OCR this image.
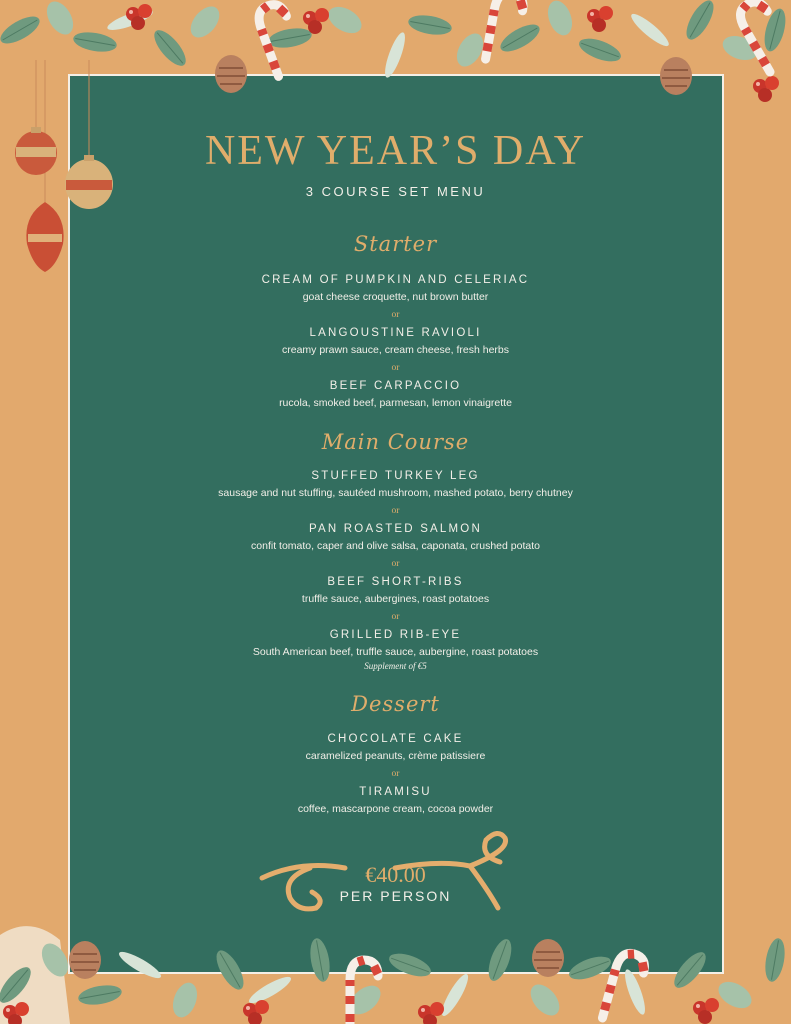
NEW YEAR’S DAY
3 COURSE SET MENU
Starter
CREAM OF PUMPKIN AND CELERIAC
goat cheese croquette, nut brown butter
or
LANGOUSTINE RAVIOLI
creamy prawn sauce, cream cheese, fresh herbs
or
BEEF CARPACCIO
rucola, smoked beef, parmesan, lemon vinaigrette
Main Course
STUFFED TURKEY LEG
sausage and nut stuffing, sautéed mushroom, mashed potato, berry chutney
or
PAN ROASTED SALMON
confit tomato, caper and olive salsa, caponata, crushed potato
or
BEEF SHORT-RIBS
truffle sauce, aubergines, roast potatoes
or
GRILLED RIB-EYE
South American beef, truffle sauce, aubergine, roast potatoes
Supplement of €5
Dessert
CHOCOLATE CAKE
caramelized peanuts, crème patissiere
or
TIRAMISU
coffee, mascarpone cream, cocoa powder
€40.00
PER PERSON
